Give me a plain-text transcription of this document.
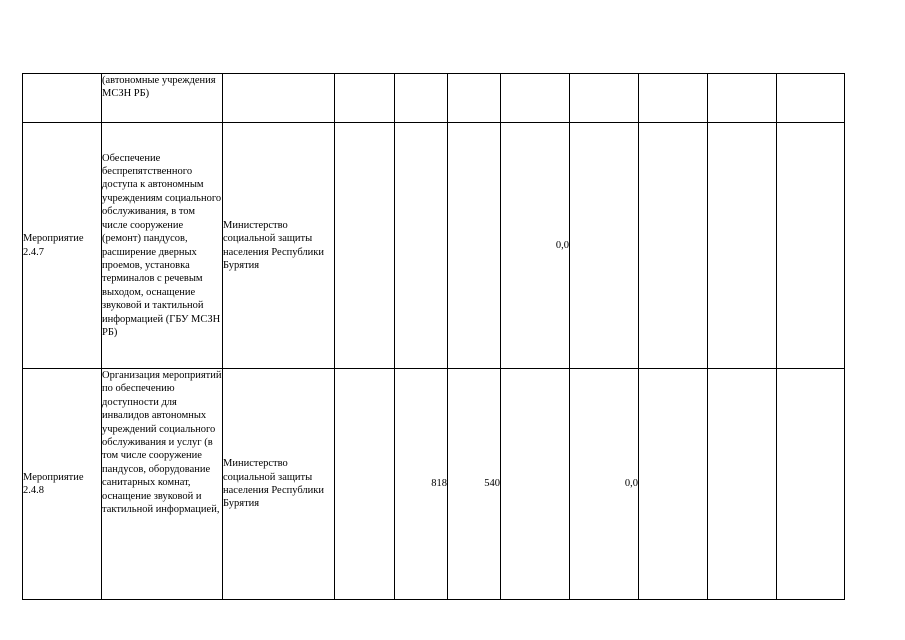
	(автономные учреждения МСЗН РБ)									

Мероприятие 2.4.7	Обеспечение беспрепятственного доступа к автономным учреждениям социального обслуживания, в том числе сооружение (ремонт) пандусов, расширение дверных проемов, установка терминалов с речевым выходом, оснащение звуковой и тактильной информацией (ГБУ МСЗН РБ)	Министерство социальной защиты населения Республики Бурятия				0,0				

Мероприятие 2.4.8	Организация мероприятий по обеспечению доступности для инвалидов автономных учреждений социального обслуживания и услуг (в том числе сооружение пандусов, оборудование санитарных комнат, оснащение звуковой и тактильной информацией,	Министерство социальной защиты населения Республики Бурятия		818	540		0,0			
